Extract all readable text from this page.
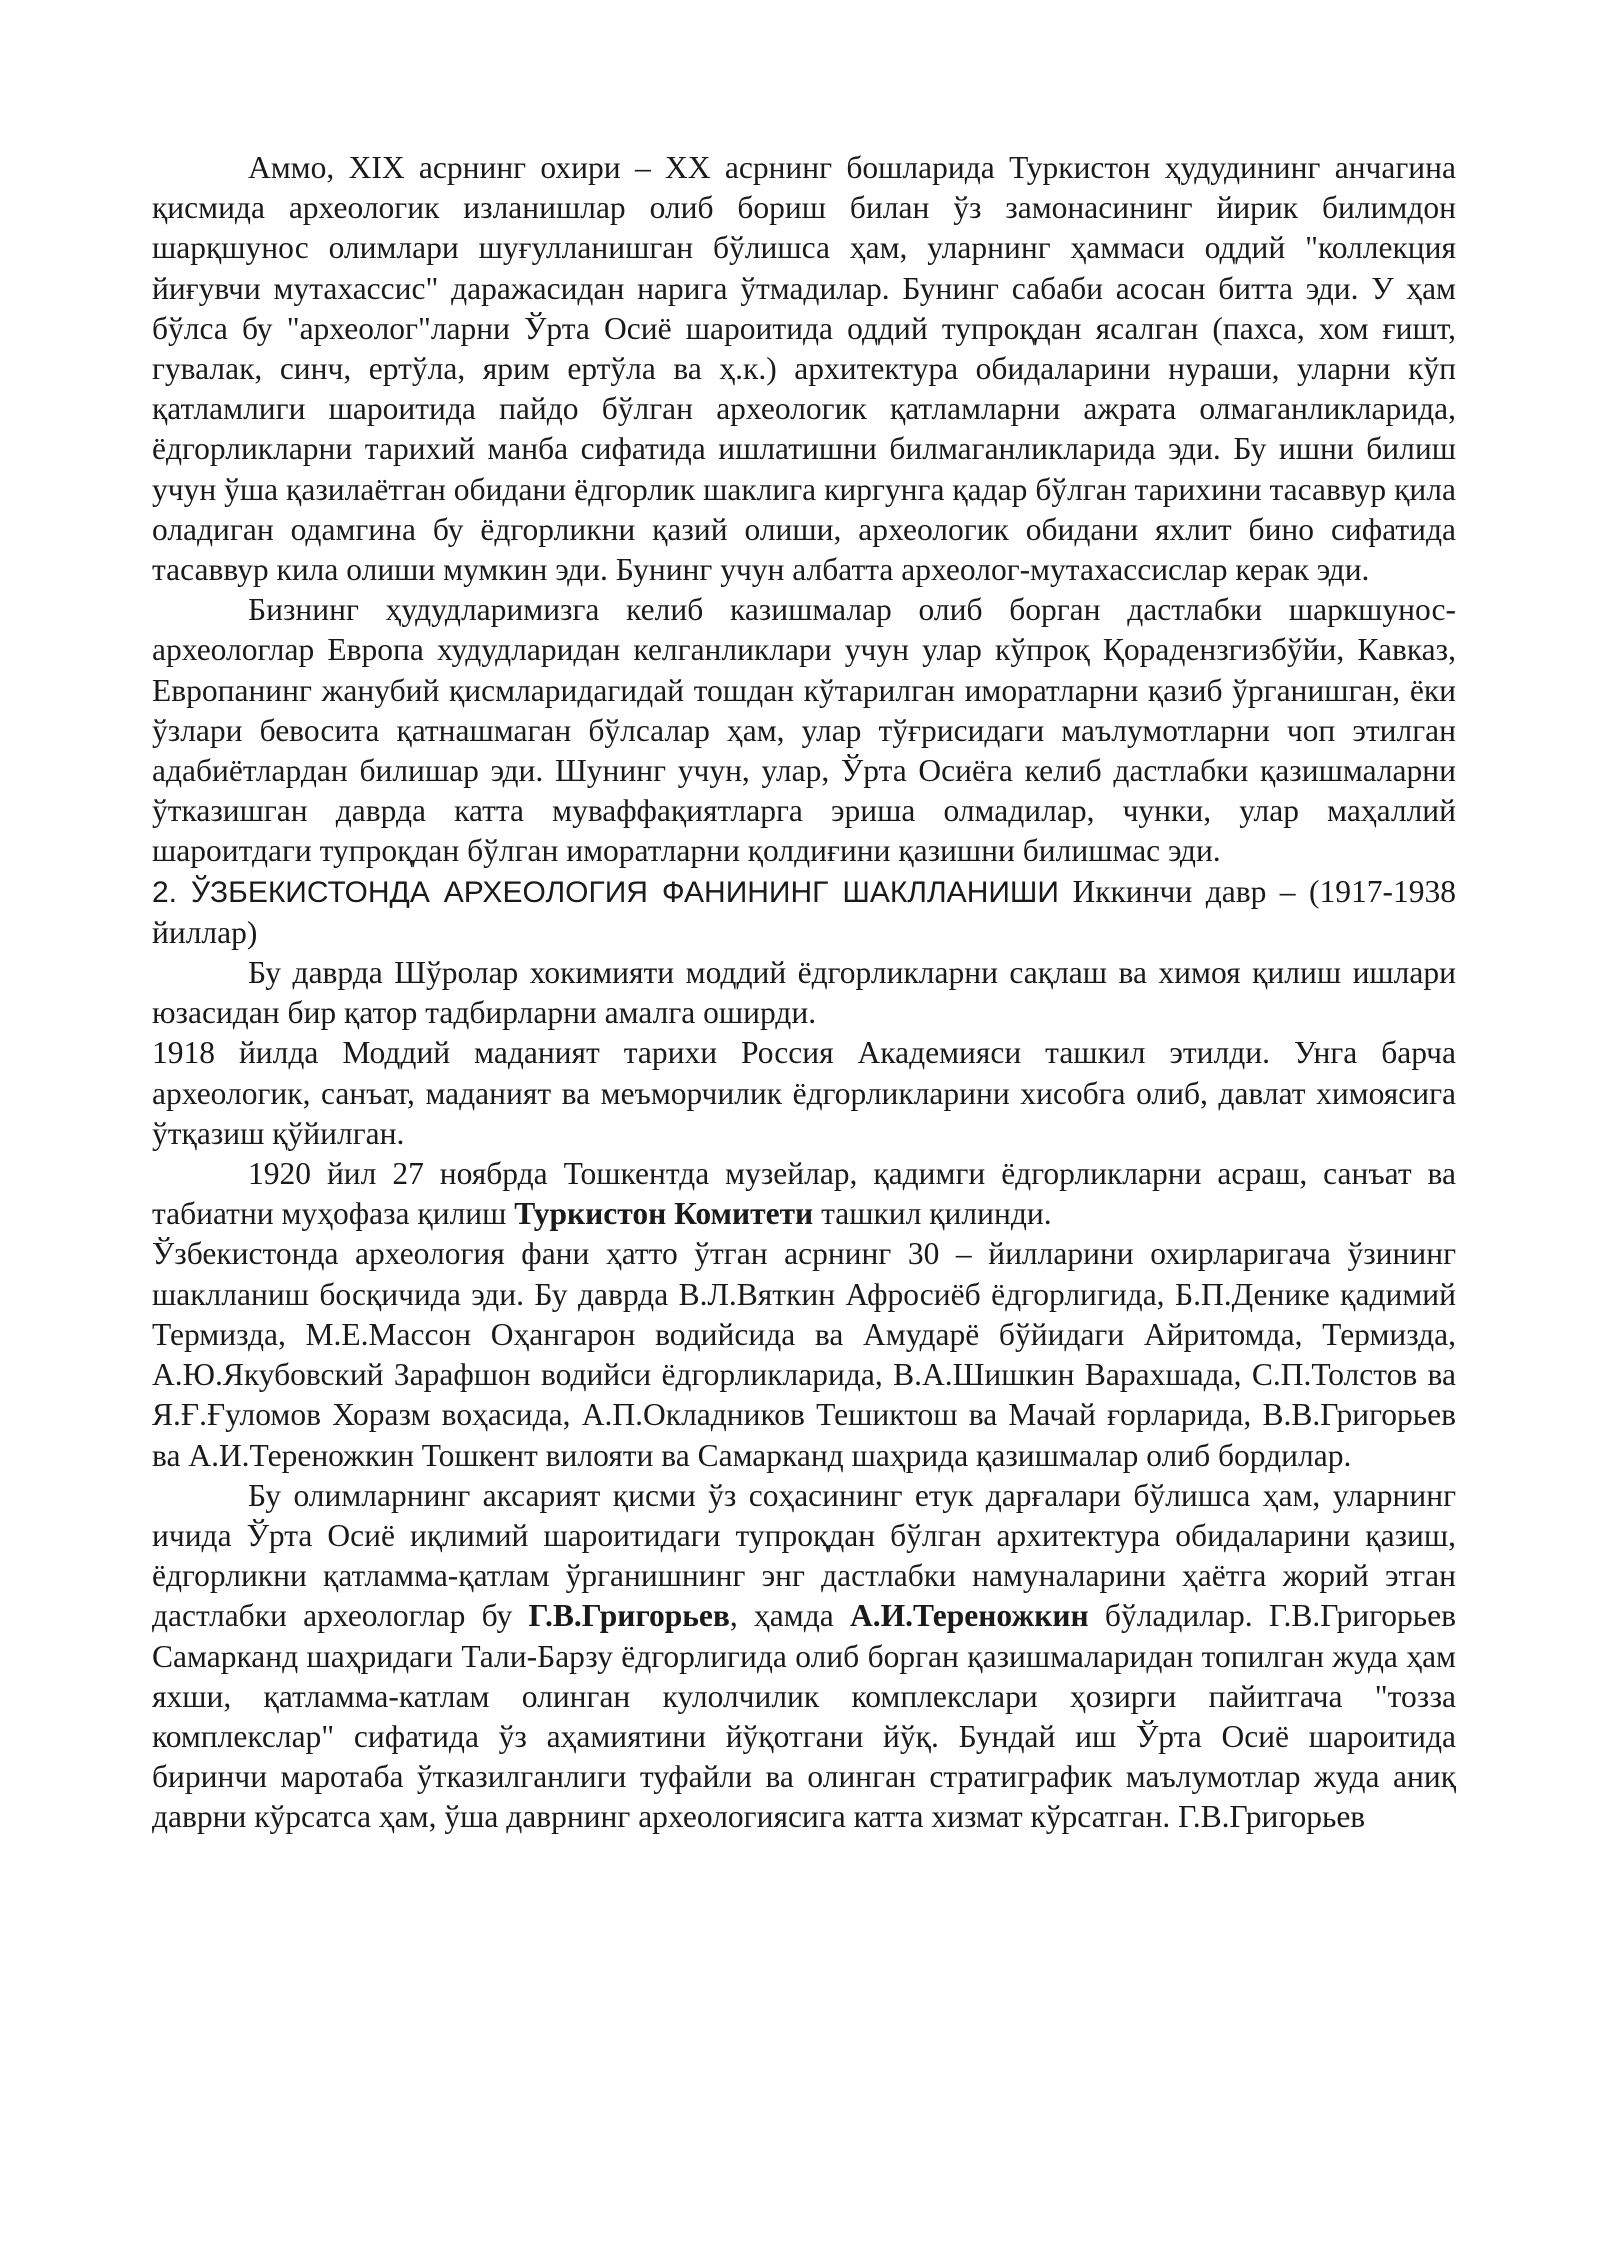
Аммо, XIX асрнинг охири – XX асрнинг бошларида Туркистон ҳудудининг анчагина қисмида археологик изланишлар олиб бориш билан ўз замонасининг йирик билимдон шарқшунос олимлари шуғулланишган бўлишса ҳам, уларнинг ҳаммаси оддий "коллекция йиғувчи мутахассис" даражасидан нарига ўтмадилар. Бунинг сабаби асосан битта эди. У ҳам бўлса бу "археолог"ларни Ўрта Осиё шароитида оддий тупроқдан ясалган (пахса, хом ғишт, гувалак, синч, ертўла, ярим ертўла ва ҳ.к.) архитектура обидаларини нураши, уларни кўп қатламлиги шароитида пайдо бўлган археологик қатламларни ажрата олмаганликларида, ёдгорликларни тарихий манба сифатида ишлатишни билмаганликларида эди. Бу ишни билиш учун ўша қазилаётган обидани ёдгорлик шаклига киргунга қадар бўлган тарихини тасаввур қила оладиган одамгина бу ёдгорликни қазий олиши, археологик обидани яхлит бино сифатида тасаввур кила олиши мумкин эди. Бунинг учун албатта археолог-мутахассислар керак эди.

Бизнинг ҳудудларимизга келиб казишмалар олиб борган дастлабки шаркшунос-археологлар Европа худудларидан келганликлари учун улар кўпроқ Қорадензгизбўйи, Кавказ, Европанинг жанубий қисмларидагидай тошдан кўтарилган иморатларни қазиб ўрганишган, ёки ўзлари бевосита қатнашмаган бўлсалар ҳам, улар тўғрисидаги маълумотларни чоп этилган адабиётлардан билишар эди. Шунинг учун, улар, Ўрта Осиёга келиб дастлабки қазишмаларни ўтказишган даврда катта муваффақиятларга эриша олмадилар, чунки, улар маҳаллий шароитдаги тупроқдан бўлган иморатларни қолдиғини қазишни билишмас эди.

2. ЎЗБЕКИСТОНДА АРХЕОЛОГИЯ ФАНИНИНГ ШАКЛЛАНИШИ Иккинчи давр – (1917-1938 йиллар)

Бу даврда Шўролар хокимияти моддий ёдгорликларни сақлаш ва химоя қилиш ишлари юзасидан бир қатор тадбирларни амалга оширди.

1918 йилда Моддий маданият тарихи Россия Академияси ташкил этилди. Унга барча археологик, санъат, маданият ва меъморчилик ёдгорликларини хисобга олиб, давлат химоясига ўтқазиш қўйилган.

1920 йил 27 ноябрда Тошкентда музейлар, қадимги ёдгорликларни асраш, санъат ва табиатни муҳофаза қилиш Туркистон Комитети ташкил қилинди.

Ўзбекистонда археология фани ҳатто ўтган асрнинг 30 – йилларини охирларигача ўзининг шаклланиш босқичида эди. Бу даврда В.Л.Вяткин Афросиёб ёдгорлигида, Б.П.Денике қадимий Термизда, М.Е.Массон Оҳангарон водийсида ва Амударё бўйидаги Айритомда, Термизда, А.Ю.Якубовский Зарафшон водийси ёдгорликларида, В.А.Шишкин Варахшада, С.П.Толстов ва Я.Ғ.Ғуломов Хоразм воҳасида, А.П.Окладников Тешиктош ва Мачай ғорларида, В.В.Григорьев ва А.И.Тереножкин Тошкент вилояти ва Самарканд шаҳрида қазишмалар олиб бордилар.

Бу олимларнинг аксарият қисми ўз соҳасининг етук дарғалари бўлишса ҳам, уларнинг ичида Ўрта Осиё иқлимий шароитидаги тупроқдан бўлган архитектура обидаларини қазиш, ёдгорликни қатламма-қатлам ўрганишнинг энг дастлабки намуналарини ҳаётга жорий этган дастлабки археологлар бу Г.В.Григорьев, ҳамда А.И.Тереножкин бўладилар. Г.В.Григорьев Самарканд шаҳридаги Тали-Барзу ёдгорлигида олиб борган қазишмаларидан топилган жуда ҳам яхши, қатламма-катлам олинган кулолчилик комплекслари ҳозирги пайитгача "тозза комплекслар" сифатида ўз аҳамиятини йўқотгани йўқ. Бундай иш Ўрта Осиё шароитида биринчи маротаба ўтказилганлиги туфайли ва олинган стратиграфик маълумотлар жуда аниқ даврни кўрсатса ҳам, ўша даврнинг археологиясига катта хизмат кўрсатган. Г.В.Григорьев
